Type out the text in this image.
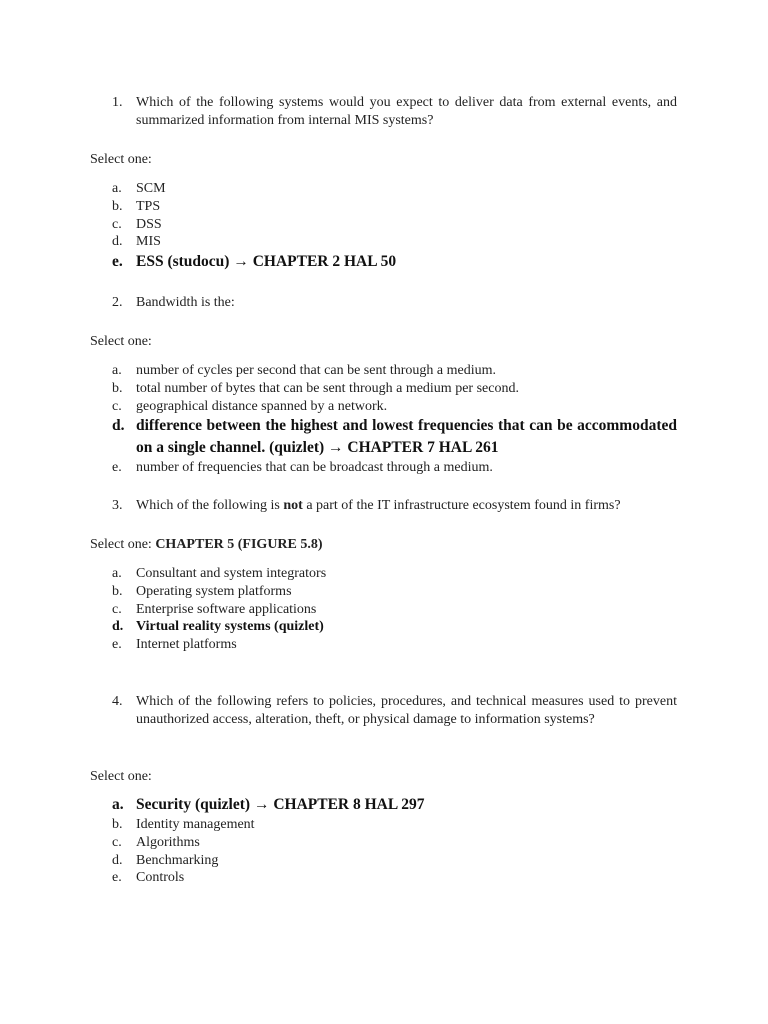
1. Which of the following systems would you expect to deliver data from external events, and summarized information from internal MIS systems?
Select one:
a.	SCM
b. TPS
c.	DSS
d. MIS
e. ESS (studocu) → CHAPTER 2 HAL 50
2. Bandwidth is the:
Select one:
a.	number of cycles per second that can be sent through a medium.
b. total number of bytes that can be sent through a medium per second.
c.	geographical distance spanned by a network.
d. difference between the highest and lowest frequencies that can be accommodated on a single channel. (quizlet) → CHAPTER 7 HAL 261
e.	number of frequencies that can be broadcast through a medium.
3. Which of the following is not a part of the IT infrastructure ecosystem found in firms?
Select one: CHAPTER 5 (FIGURE 5.8)
a.	Consultant and system integrators
b. Operating system platforms
c.	Enterprise software applications
d. Virtual reality systems (quizlet)
e.	Internet platforms
4. Which of the following refers to policies, procedures, and technical measures used to prevent unauthorized access, alteration, theft, or physical damage to information systems?
Select one:
a. Security (quizlet) → CHAPTER 8 HAL 297
b. Identity management
c.	Algorithms
d. Benchmarking
e.	Controls
